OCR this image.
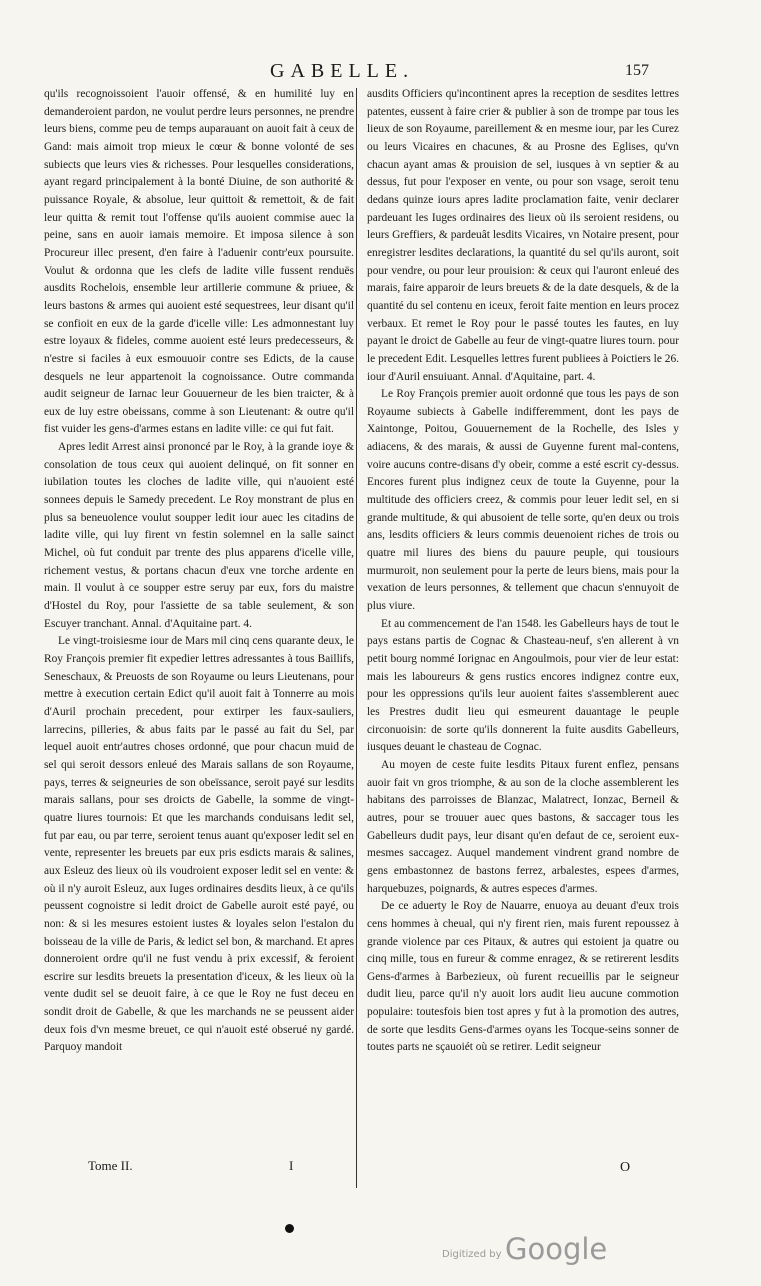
GABELLE.	157

qu'ils recognoissoient l'auoir offensé, & en humilité luy en demanderoient pardon, ne voulut perdre leurs personnes, ne prendre leurs biens, comme peu de temps auparauant on auoit fait à ceux de Gand: mais aimoit trop mieux le cœur & bonne volonté de ses subiects que leurs vies & richesses. Pour lesquelles considerations, ayant regard principalement à la bonté Diuine, de son authorité & puissance Royale, & absolue, leur quittoit & remettoit, & de fait leur quitta & remit tout l'offense qu'ils auoient commise auec la peine, sans en auoir iamais memoire. Et imposa silence à son Procureur illec present, d'en faire à l'aduenir contr'eux poursuite. Voulut & ordonna que les clefs de ladite ville fussent renduës ausdits Rochelois, ensemble leur artillerie commune & priuee, & leurs bastons & armes qui auoient esté sequestrees, leur disant qu'il se confioit en eux de la garde d'icelle ville: Les admonnestant luy estre loyaux & fideles, comme auoient esté leurs predecesseurs, & n'estre si faciles à eux esmouuoir contre ses Edicts, de la cause desquels ne leur appartenoit la cognoissance. Outre commanda audit seigneur de Iarnac leur Gouuerneur de les bien traicter, & à eux de luy estre obeissans, comme à son Lieutenant: & outre qu'il fist vuider les gens-d'armes estans en ladite ville: ce qui fut fait.

Apres ledit Arrest ainsi prononcé par le Roy, à la grande ioye & consolation de tous ceux qui auoient delinqué, on fit sonner en iubilation toutes les cloches de ladite ville, qui n'auoient esté sonnees depuis le Samedy precedent. Le Roy monstrant de plus en plus sa beneuolence voulut soupper ledit iour auec les citadins de ladite ville, qui luy firent vn festin solemnel en la salle sainct Michel, où fut conduit par trente des plus apparens d'icelle ville, richement vestus, & portans chacun d'eux vne torche ardente en main. Il voulut à ce soupper estre seruy par eux, fors du maistre d'Hostel du Roy, pour l'assiette de sa table seulement, & son Escuyer tranchant. Annal. d'Aquitaine part. 4.

Le vingt-troisiesme iour de Mars mil cinq cens quarante deux, le Roy François premier fit expedier lettres adressantes à tous Baillifs, Seneschaux, & Preuosts de son Royaume ou leurs Lieutenans, pour mettre à execution certain Edict qu'il auoit fait à Tonnerre au mois d'Auril prochain precedent, pour extirper les faux-sauliers, larrecins, pilleries, & abus faits par le passé au fait du Sel, par lequel auoit entr'autres choses ordonné, que pour chacun muid de sel qui seroit dessors enleué des Marais sallans de son Royaume, pays, terres & seigneuries de son obeïssance, seroit payé sur lesdits marais sallans, pour ses droicts de Gabelle, la somme de vingt-quatre liures tournois: Et que les marchands conduisans ledit sel, fut par eau, ou par terre, seroient tenus auant qu'exposer ledit sel en vente, representer les breuets par eux pris esdicts marais & salines, aux Esleuz des lieux où ils voudroient exposer ledit sel en vente: & où il n'y auroit Esleuz, aux Iuges ordinaires desdits lieux, à ce qu'ils peussent cognoistre si ledit droict de Gabelle auroit esté payé, ou non: & si les mesures estoient iustes & loyales selon l'estalon du boisseau de la ville de Paris, & ledict sel bon, & marchand. Et apres donneroient ordre qu'il ne fust vendu à prix excessif, & feroient escrire sur lesdits breuets la presentation d'iceux, & les lieux où la vente dudit sel se deuoit faire, à ce que le Roy ne fust deceu en sondit droit de Gabelle, & que les marchands ne se peussent aider deux fois d'vn mesme breuet, ce qui n'auoit esté obserué ny gardé. Parquoy mandoit

ausdits Officiers qu'incontinent apres la reception de sesdites lettres patentes, eussent à faire crier & publier à son de trompe par tous les lieux de son Royaume, pareillement & en mesme iour, par les Curez ou leurs Vicaires en chacunes, & au Prosne des Eglises, qu'vn chacun ayant amas & prouision de sel, iusques à vn septier & au dessus, fut pour l'exposer en vente, ou pour son vsage, seroit tenu dedans quinze iours apres ladite proclamation faite, venir declarer pardeuant les Iuges ordinaires des lieux où ils seroient residens, ou leurs Greffiers, & pardeuât lesdits Vicaires, vn Notaire present, pour enregistrer lesdites declarations, la quantité du sel qu'ils auront, soit pour vendre, ou pour leur prouision: & ceux qui l'auront enleué des marais, faire apparoir de leurs breuets & de la date desquels, & de la quantité du sel contenu en iceux, feroit faite mention en leurs procez verbaux. Et remet le Roy pour le passé toutes les fautes, en luy payant le droict de Gabelle au feur de vingt-quatre liures tourn. pour le precedent Edit. Lesquelles lettres furent publiees à Poictiers le 26. iour d'Auril ensuiuant. Annal. d'Aquitaine, part. 4.

Le Roy François premier auoit ordonné que tous les pays de son Royaume subiects à Gabelle indifferemment, dont les pays de Xaintonge, Poitou, Gouuernement de la Rochelle, des Isles y adiacens, & des marais, & aussi de Guyenne furent mal-contens, voire aucuns contre-disans d'y obeir, comme a esté escrit cy-dessus. Encores furent plus indignez ceux de toute la Guyenne, pour la multitude des officiers creez, & commis pour leuer ledit sel, en si grande multitude, & qui abusoient de telle sorte, qu'en deux ou trois ans, lesdits officiers & leurs commis deuenoient riches de trois ou quatre mil liures des biens du pauure peuple, qui tousiours murmuroit, non seulement pour la perte de leurs biens, mais pour la vexation de leurs personnes, & tellement que chacun s'ennuyoit de plus viure.

Et au commencement de l'an 1548. les Gabelleurs hays de tout le pays estans partis de Cognac & Chasteau-neuf, s'en allerent à vn petit bourg nommé Iorignac en Angoulmois, pour vier de leur estat: mais les laboureurs & gens rustics encores indignez contre eux, pour les oppressions qu'ils leur auoient faites s'assemblerent auec les Prestres dudit lieu qui esmeurent dauantage le peuple circonuoisin: de sorte qu'ils donnerent la fuite ausdits Gabelleurs, iusques deuant le chasteau de Cognac.

Au moyen de ceste fuite lesdits Pitaux furent enflez, pensans auoir fait vn gros triomphe, & au son de la cloche assemblerent les habitans des parroisses de Blanzac, Malatrect, Ionzac, Berneil & autres, pour se trouuer auec ques bastons, & saccager tous les Gabelleurs dudit pays, leur disant qu'en defaut de ce, seroient eux-mesmes saccagez. Auquel mandement vindrent grand nombre de gens embastonnez de bastons ferrez, arbalestes, espees d'armes, harquebuzes, poignards, & autres especes d'armes.

De ce aduerty le Roy de Nauarre, enuoya au deuant d'eux trois cens hommes à cheual, qui n'y firent rien, mais furent repoussez à grande violence par ces Pitaux, & autres qui estoient ja quatre ou cinq mille, tous en fureur & comme enragez, & se retirerent lesdits Gens-d'armes à Barbezieux, où furent recueillis par le seigneur dudit lieu, parce qu'il n'y auoit lors audit lieu aucune commotion populaire: toutesfois bien tost apres y fut à la promotion des autres, de sorte que lesdits Gens-d'armes oyans les Tocque-seins sonner de toutes parts ne sçauoiét où se retirer. Ledit seigneur

Tome II.	I	O
Digitized by Google
